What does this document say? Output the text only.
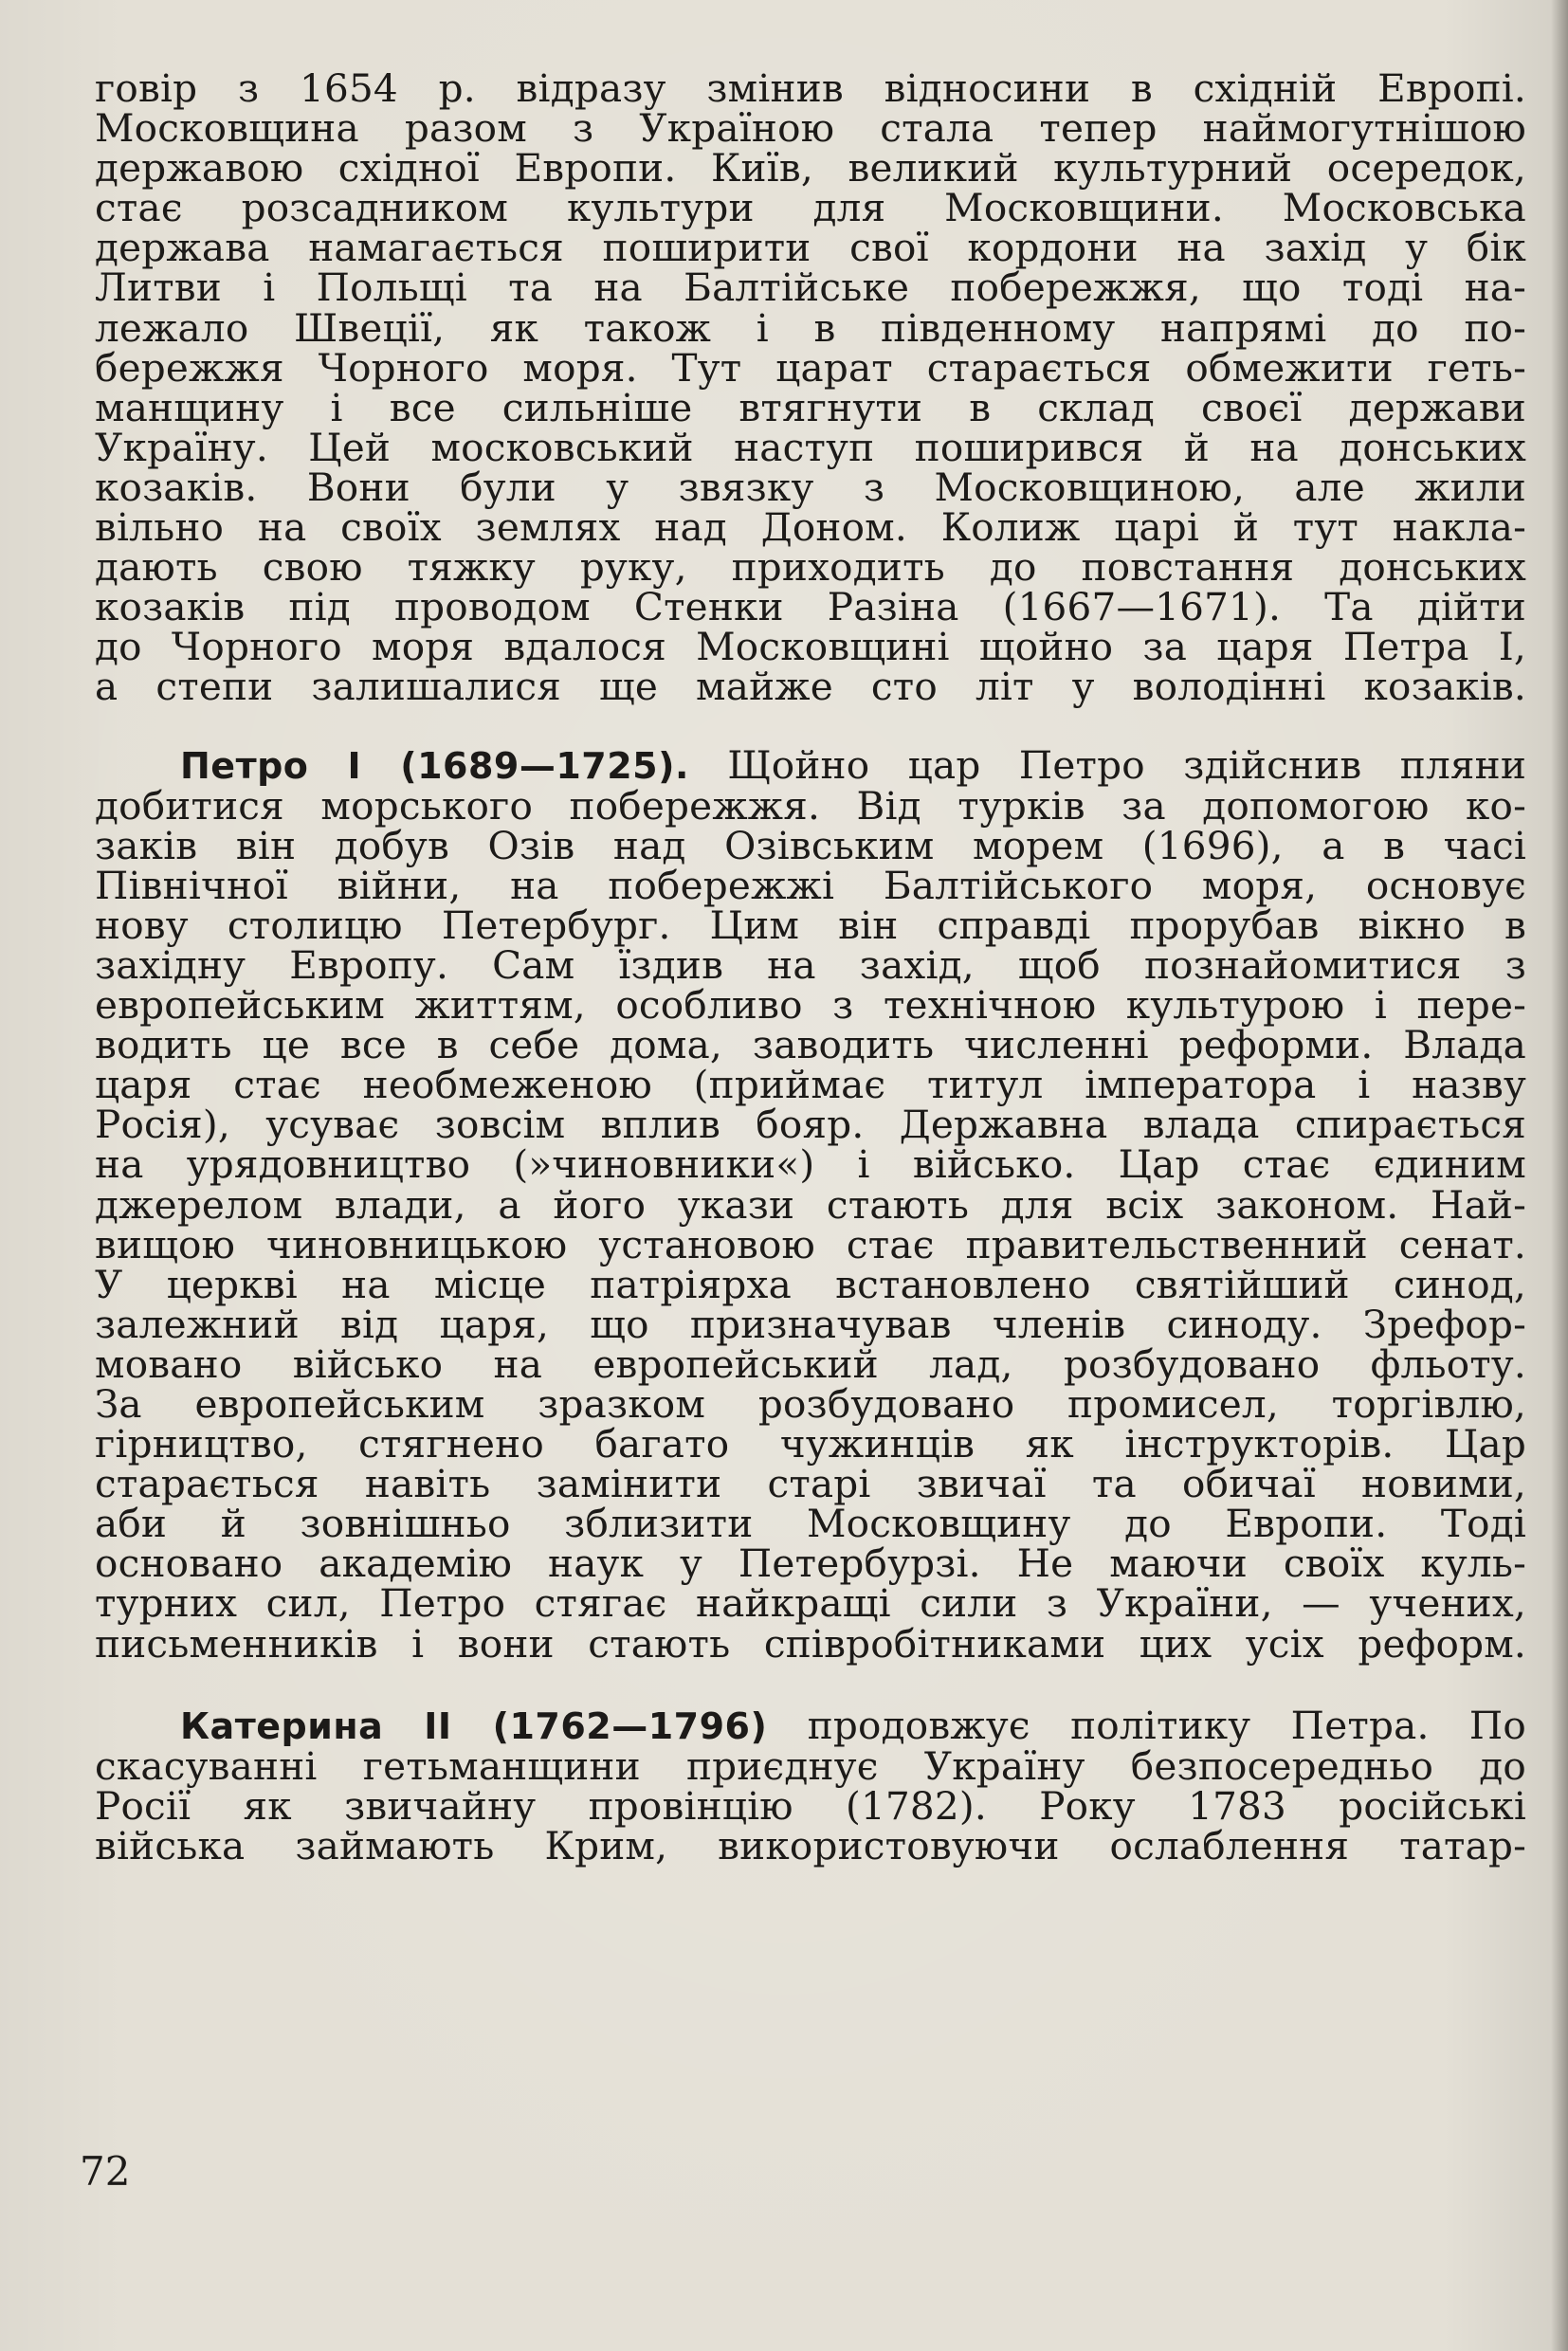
говір з 1654 р. відразу змінив відносини в східній Европі.
Московщина разом з Україною стала тепер наймогутнішою
державою східної Европи. Київ, великий культурний осередок,
стає розсадником культури для Московщини. Московська
держава намагається поширити свої кордони на захід у бік
Литви і Польщі та на Балтійське побережжя, що тоді на-
лежало Швеції, як також і в південному напрямі до по-
бережжя Чорного моря. Тут царат старається обмежити геть-
манщину і все сильніше втягнути в склад своєї держави
Україну. Цей московський наступ поширився й на донських
козаків. Вони були у звязку з Московщиною, але жили
вільно на своїх землях над Доном. Колиж царі й тут накла-
дають свою тяжку руку, приходить до повстання донських
козаків під проводом Стенки Разіна (1667—1671). Та дійти
до Чорного моря вдалося Московщині щойно за царя Петра I,
а степи залишалися ще майже сто літ у володінні козаків.
Петро I (1689—1725). Щойно цар Петро здійснив пляни
добитися морського побережжя. Від турків за допомогою ко-
заків він добув Озів над Озівським морем (1696), а в часі
Північної війни, на побережжі Балтійського моря, основує
нову столицю Петербург. Цим він справді прорубав вікно в
західну Европу. Сам їздив на захід, щоб познайомитися з
европейським життям, особливо з технічною культурою і пере-
водить це все в себе дома, заводить численні реформи. Влада
царя стає необмеженою (приймає титул імператора і назву
Росія), усуває зовсім вплив бояр. Державна влада спирається
на урядовництво (»чиновники«) і військо. Цар стає єдиним
джерелом влади, а його укази стають для всіх законом. Най-
вищою чиновницькою установою стає правительственний сенат.
У церкві на місце патріярха встановлено святійший синод,
залежний від царя, що призначував членів синоду. Зрефор-
мовано військо на европейський лад, розбудовано фльоту.
За европейським зразком розбудовано промисел, торгівлю,
гірництво, стягнено багато чужинців як інструкторів. Цар
старається навіть замінити старі звичаї та обичаї новими,
аби й зовнішньо зблизити Московщину до Европи. Тоді
основано академію наук у Петербурзі. Не маючи своїх куль-
турних сил, Петро стягає найкращі сили з України, — учених,
письменників і вони стають співробітниками цих усіх реформ.
Катерина II (1762—1796) продовжує політику Петра. По
скасуванні гетьманщини приєднує Україну безпосередньо до
Росії як звичайну провінцію (1782). Року 1783 російські
війська займають Крим, використовуючи ослаблення татар-
72
